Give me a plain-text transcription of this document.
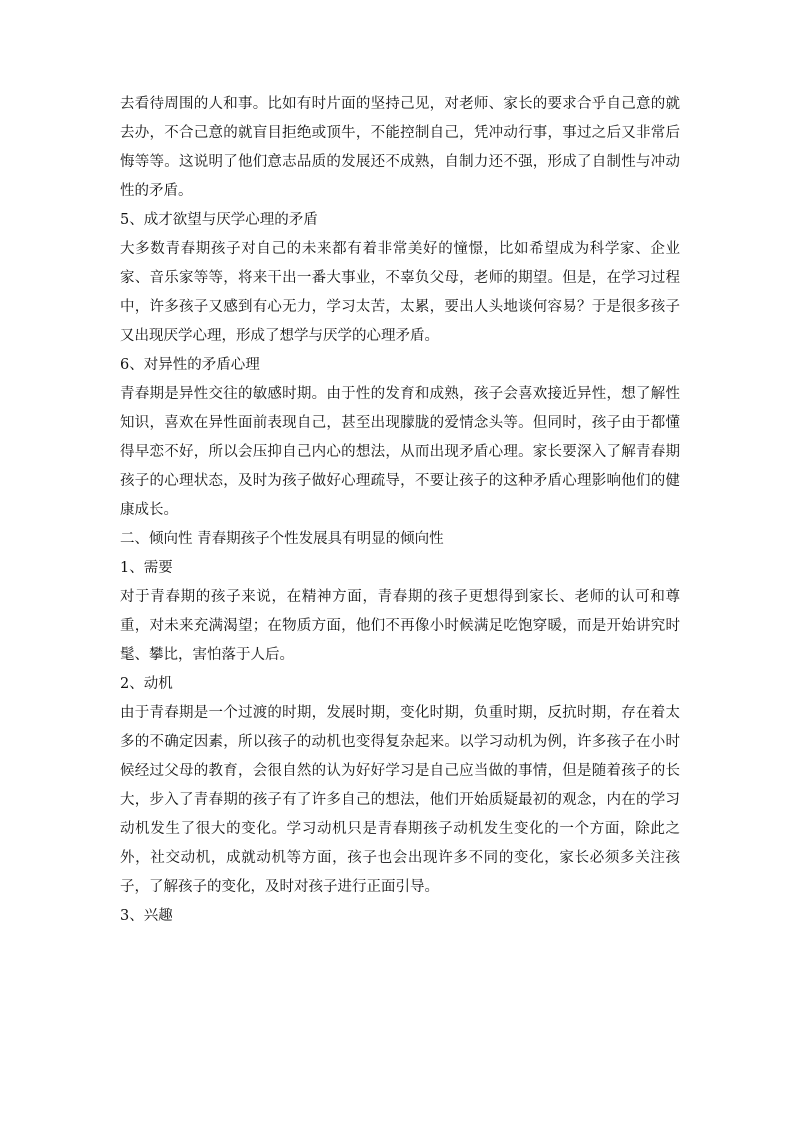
去看待周围的人和事。比如有时片面的坚持己见，对老师、家长的要求合乎自己意的就去办，不合己意的就盲目拒绝或顶牛，不能控制自己，凭冲动行事，事过之后又非常后悔等等。这说明了他们意志品质的发展还不成熟，自制力还不强，形成了自制性与冲动性的矛盾。

5、成才欲望与厌学心理的矛盾

大多数青春期孩子对自己的未来都有着非常美好的憧憬，比如希望成为科学家、企业家、音乐家等等，将来干出一番大事业，不辜负父母，老师的期望。但是，在学习过程中，许多孩子又感到有心无力，学习太苦，太累，要出人头地谈何容易？于是很多孩子又出现厌学心理，形成了想学与厌学的心理矛盾。

6、对异性的矛盾心理

青春期是异性交往的敏感时期。由于性的发育和成熟，孩子会喜欢接近异性，想了解性知识，喜欢在异性面前表现自己，甚至出现朦胧的爱情念头等。但同时，孩子由于都懂得早恋不好，所以会压抑自己内心的想法，从而出现矛盾心理。家长要深入了解青春期孩子的心理状态，及时为孩子做好心理疏导，不要让孩子的这种矛盾心理影响他们的健康成长。

二、倾向性 青春期孩子个性发展具有明显的倾向性

1、需要

对于青春期的孩子来说，在精神方面，青春期的孩子更想得到家长、老师的认可和尊重，对未来充满渴望；在物质方面，他们不再像小时候满足吃饱穿暖，而是开始讲究时髦、攀比，害怕落于人后。

2、动机

由于青春期是一个过渡的时期，发展时期，变化时期，负重时期，反抗时期，存在着太多的不确定因素，所以孩子的动机也变得复杂起来。以学习动机为例，许多孩子在小时候经过父母的教育，会很自然的认为好好学习是自己应当做的事情，但是随着孩子的长大，步入了青春期的孩子有了许多自己的想法，他们开始质疑最初的观念，内在的学习动机发生了很大的变化。学习动机只是青春期孩子动机发生变化的一个方面，除此之外，社交动机，成就动机等方面，孩子也会出现许多不同的变化，家长必须多关注孩子，了解孩子的变化，及时对孩子进行正面引导。

3、兴趣
